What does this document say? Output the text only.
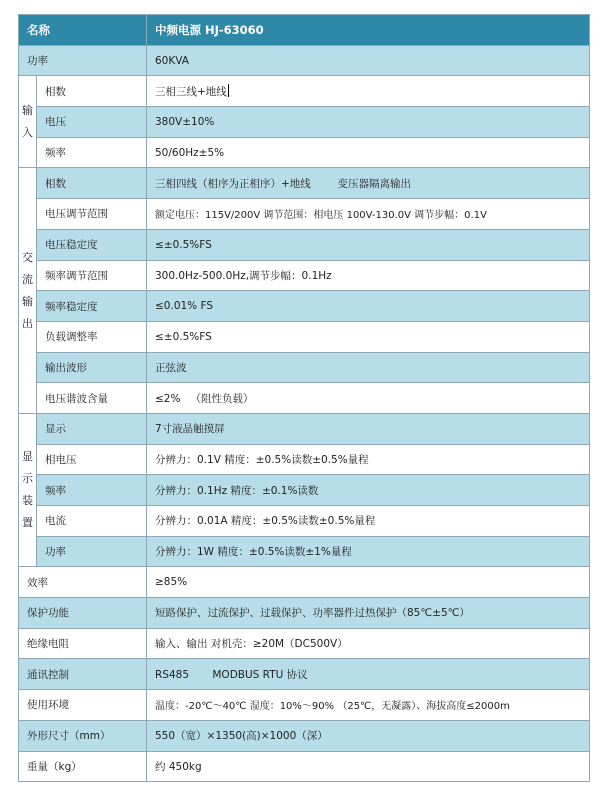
名称		中频电源 HJ-63060
功率		60KVA
输入	相数	三相三线+地线
	电压	380V±10%
	频率	50/60Hz±5%
交流输出	相数	三相四线（相序为正相序）+地线        变压器隔离输出
	电压调节范围	额定电压：115V/200V 调节范围：相电压 100V-130.0V 调节步幅：0.1V
	电压稳定度	≤±0.5%FS
	频率调节范围	300.0Hz-500.0Hz,调节步幅：0.1Hz
	频率稳定度	≤0.01% FS
	负载调整率	≤±0.5%FS
	输出波形	正弦波
	电压谐波含量	≤2%   （阻性负载）
显示装置	显示	7寸液晶触摸屏
	相电压	分辨力：0.1V 精度：±0.5%读数±0.5%量程
	频率	分辨力：0.1Hz 精度：±0.1%读数
	电流	分辨力：0.01A 精度：±0.5%读数±0.5%量程
	功率	分辨力：1W 精度：±0.5%读数±1%量程
效率		≥85%
保护功能		短路保护、过流保护、过载保护、功率器件过热保护（85℃±5℃）
绝缘电阻		输入、输出 对机壳：≥20M（DC500V）
通讯控制		RS485       MODBUS RTU 协议
使用环境		温度：-20℃～40℃ 湿度：10%～90% （25℃，无凝露）、海拔高度≤2000m
外形尺寸（mm）		550（宽）×1350(高)×1000（深）
重量（kg）		约 450kg
